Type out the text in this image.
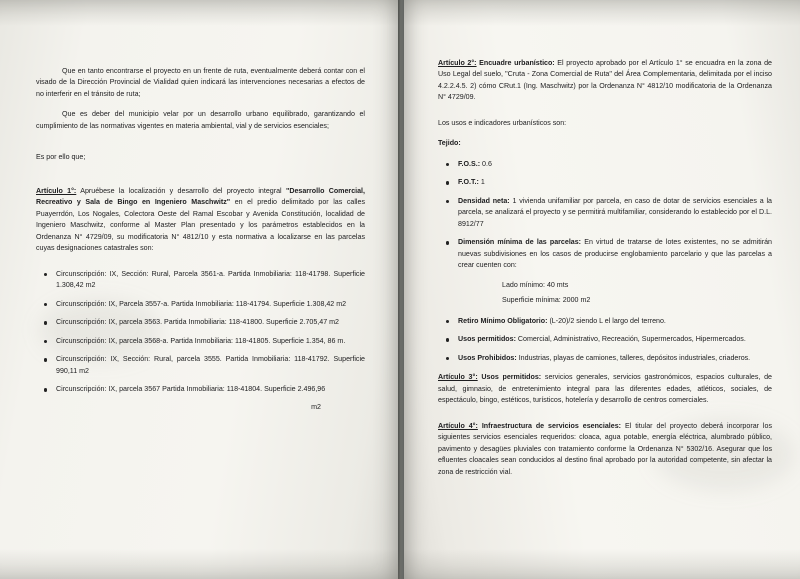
Que en tanto encontrarse el proyecto en un frente de ruta, eventualmente deberá contar con el visado de la Dirección Provincial de Vialidad quien indicará las intervenciones necesarias a efectos de no interferir en el tránsito de ruta;

Que es deber del municipio velar por un desarrollo urbano equilibrado, garantizando el cumplimiento de las normativas vigentes en materia ambiental, vial y de servicios esenciales;

Es por ello que;

Artículo 1°: Apruébese la localización y desarrollo del proyecto integral "Desarrollo Comercial, Recreativo y Sala de Bingo en Ingeniero Maschwitz" en el predio delimitado por las calles Puayerrdón, Los Nogales, Colectora Oeste del Ramal Escobar y Avenida Constitución, localidad de Ingeniero Maschwitz, conforme al Master Plan presentado y los parámetros establecidos en la Ordenanza N° 4729/09, su modificatoria N° 4812/10 y esta normativa a localizarse en las parcelas cuyas designaciones catastrales son:

Circunscripción: IX, Sección: Rural, Parcela 3561-a. Partida Inmobiliaria: 118-41798. Superficie 1.308,42 m2
Circunscripción: IX, Parcela 3557-a. Partida Inmobiliaria: 118-41794. Superficie 1.308,42 m2
Circunscripción: IX, parcela 3563. Partida Inmobiliaria: 118-41800. Superficie 2.705,47 m2
Circunscripción: IX, parcela 3568-a. Partida Inmobiliaria: 118-41805. Superficie 1.354, 86 m.
Circunscripción: IX, Sección: Rural, parcela 3555. Partida Inmobiliaria: 118-41792. Superficie 990,11 m2
Circunscripción: IX, parcela 3567 Partida Inmobiliaria: 118-41804. Superficie 2.496,96
m2

Artículo 2°: Encuadre urbanístico: El proyecto aprobado por el Artículo 1° se encuadra en la zona de Uso Legal del suelo, "Cruta - Zona Comercial de Ruta" del Área Complementaria, delimitada por el inciso 4.2.2.4.5. 2) cómo CRut.1 (Ing. Maschwitz) por la Ordenanza N° 4812/10 modificatoria de la Ordenanza N° 4729/09.

Los usos e indicadores urbanísticos son:

Tejido:

F.O.S.: 0.6
F.O.T.: 1
Densidad neta: 1 vivienda unifamiliar por parcela, en caso de dotar de servicios esenciales a la parcela, se analizará el proyecto y se permitirá multifamiliar, considerando lo establecido por el D.L. 8912/77
Dimensión mínima de las parcelas: En virtud de tratarse de lotes existentes, no se admitirán nuevas subdivisiones en los casos de producirse englobamiento parcelario y que las parcelas a crear cuenten con:

Lado mínimo: 40 mts

Superficie mínima: 2000 m2

Retiro Mínimo Obligatorio: (L-20)/2 siendo L el largo del terreno.
Usos permitidos: Comercial, Administrativo, Recreación, Supermercados, Hipermercados.
Usos Prohibidos: Industrias, playas de camiones, talleres, depósitos industriales, criaderos.

Artículo 3°: Usos permitidos: servicios generales, servicios gastronómicos, espacios culturales, de salud, gimnasio, de entretenimiento integral para las diferentes edades, atléticos, sociales, de espectáculo, bingo, estéticos, turísticos, hotelería y desarrollo de centros comerciales.

Artículo 4°: Infraestructura de servicios esenciales: El titular del proyecto deberá incorporar los siguientes servicios esenciales requeridos: cloaca, agua potable, energía eléctrica, alumbrado público, pavimento y desagües pluviales con tratamiento conforme la Ordenanza N° 5302/16. Asegurar que los efluentes cloacales sean conducidos al destino final aprobado por la autoridad competente, sin afectar la zona de restricción vial.
